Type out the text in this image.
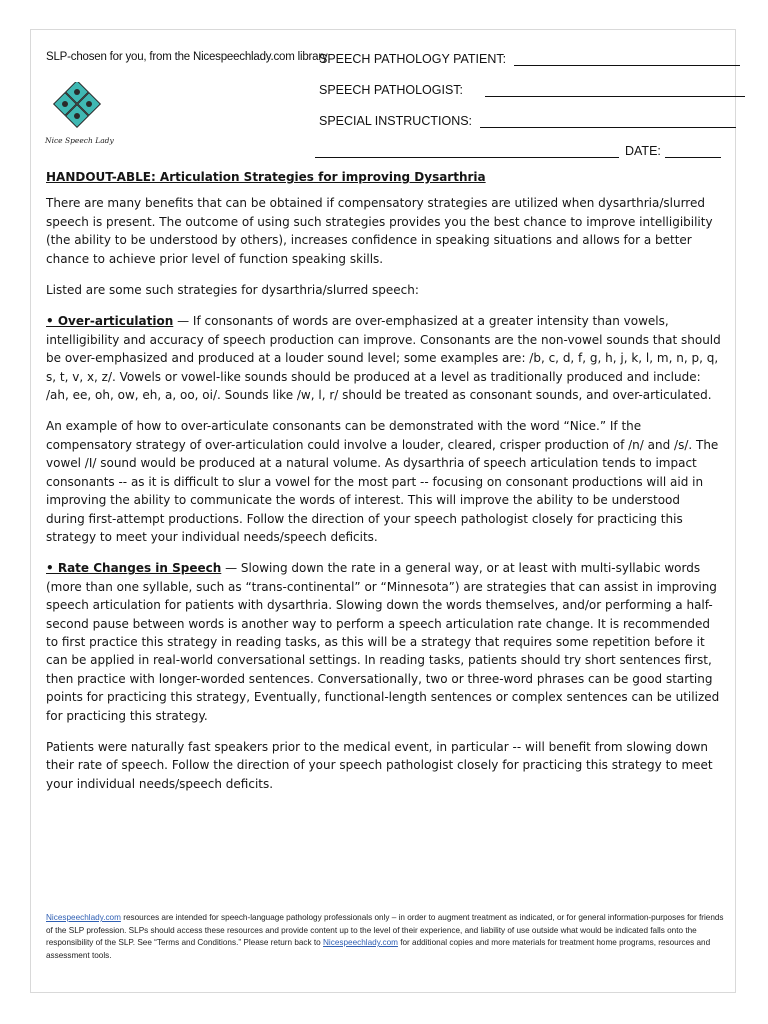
SLP-chosen for you, from the Nicespeechlady.com library
Nice Speech Lady
SPEECH PATHOLOGY PATIENT:
SPEECH PATHOLOGIST:
SPECIAL INSTRUCTIONS:
DATE:

HANDOUT-ABLE: Articulation Strategies for improving Dysarthria

There are many benefits that can be obtained if compensatory strategies are utilized when dysarthria/slurred speech is present. The outcome of using such strategies provides you the best chance to improve intelligibility (the ability to be understood by others), increases confidence in speaking situations and allows for a better chance to achieve prior level of function speaking skills.

Listed are some such strategies for dysarthria/slurred speech:

• Over-articulation — If consonants of words are over-emphasized at a greater intensity than vowels, intelligibility and accuracy of speech production can improve. Consonants are the non-vowel sounds that should be over-emphasized and produced at a louder sound level; some examples are: /b, c, d, f, g, h, j, k, l, m, n, p, q, s, t, v, x, z/. Vowels or vowel-like sounds should be produced at a level as traditionally produced and include: /ah, ee, oh, ow, eh, a, oo, oi/. Sounds like /w, l, r/ should be treated as consonant sounds, and over-articulated.

An example of how to over-articulate consonants can be demonstrated with the word “Nice.” If the compensatory strategy of over-articulation could involve a louder, cleared, crisper production of /n/ and /s/. The vowel /I/ sound would be produced at a natural volume. As dysarthria of speech articulation tends to impact consonants -- as it is difficult to slur a vowel for the most part -- focusing on consonant productions will aid in improving the ability to communicate the words of interest. This will improve the ability to be understood during first-attempt productions. Follow the direction of your speech pathologist closely for practicing this strategy to meet your individual needs/speech deficits.

• Rate Changes in Speech — Slowing down the rate in a general way, or at least with multi-syllabic words (more than one syllable, such as “trans-continental” or “Minnesota”) are strategies that can assist in improving speech articulation for patients with dysarthria. Slowing down the words themselves, and/or performing a half-second pause between words is another way to perform a speech articulation rate change. It is recommended to first practice this strategy in reading tasks, as this will be a strategy that requires some repetition before it can be applied in real-world conversational settings. In reading tasks, patients should try short sentences first, then practice with longer-worded sentences. Conversationally, two or three-word phrases can be good starting points for practicing this strategy, Eventually, functional-length sentences or complex sentences can be utilized for practicing this strategy.

Patients were naturally fast speakers prior to the medical event, in particular -- will benefit from slowing down their rate of speech. Follow the direction of your speech pathologist closely for practicing this strategy to meet your individual needs/speech deficits.

Nicespeechlady.com resources are intended for speech-language pathology professionals only – in order to augment treatment as indicated, or for general information-purposes for friends of the SLP profession. SLPs should access these resources and provide content up to the level of their experience, and liability of use outside what would be indicated falls onto the responsibility of the SLP. See “Terms and Conditions.” Please return back to Nicespeechlady.com for additional copies and more materials for treatment home programs, resources and assessment tools.
